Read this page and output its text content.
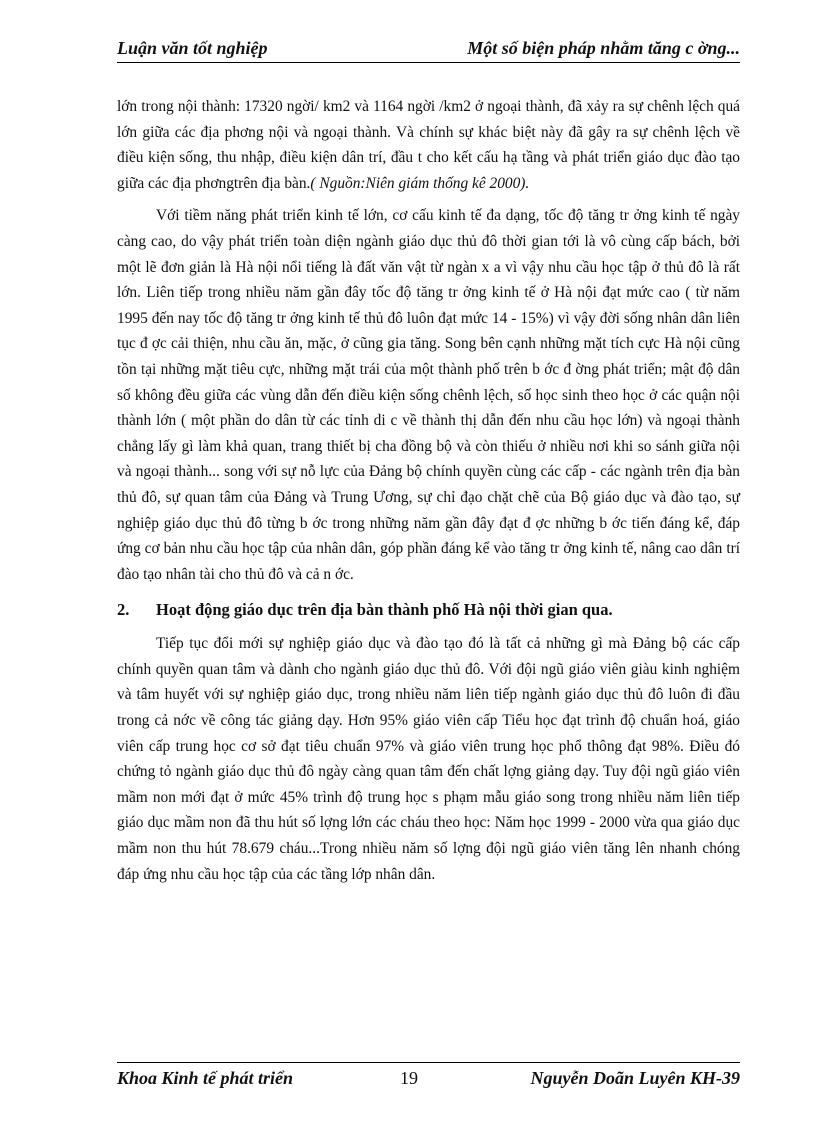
Luận văn tốt nghiệp	Một số biện pháp nhằm tăng c ờng...

lớn trong nội thành: 17320 ngời/ km2 và 1164 ngời /km2 ở ngoại thành, đã xảy ra sự chênh lệch quá lớn giữa các địa phơng nội và ngoại thành. Và chính sự khác biệt này đã gây ra sự chênh lệch về điều kiện sống, thu nhập, điều kiện dân trí, đầu t cho kết cấu hạ tầng và phát triển giáo dục đào tạo giữa các địa phơngtrên địa bàn.( Nguồn:Niên giám thống kê 2000).

Với tiềm năng phát triển kinh tế lớn, cơ cấu kinh tế đa dạng, tốc độ tăng tr ởng kinh tế ngày càng cao, do vậy phát triển toàn diện ngành giáo dục thủ đô thời gian tới là vô cùng cấp bách, bởi một lẽ đơn giản là Hà nội nổi tiếng là đất văn vật từ ngàn x a vì vậy nhu cầu học tập ở thủ đô là rất lớn. Liên tiếp trong nhiều năm gần đây tốc độ tăng tr ởng kinh tế ở Hà nội đạt mức cao ( từ năm 1995 đến nay tốc độ tăng tr ởng kinh tế thủ đô luôn đạt mức 14 - 15%) vì vậy đời sống nhân dân liên tục đ ợc cải thiện, nhu cầu ăn, mặc, ở cũng gia tăng. Song bên cạnh những mặt tích cực Hà nội cũng tồn tại những mặt tiêu cực, những mặt trái của một thành phố trên b ớc đ ờng phát triển; mật độ dân số không đều giữa các vùng dẫn đến điều kiện sống chênh lệch, số học sinh theo học ở các quận nội thành lớn ( một phần do dân từ các tỉnh di c về thành thị dẫn đến nhu cầu học lớn) và ngoại thành chẳng lấy gì làm khả quan, trang thiết bị cha đồng bộ và còn thiếu ở nhiều nơi khi so sánh giữa nội và ngoại thành... song với sự nỗ lực của Đảng bộ chính quyền cùng các cấp - các ngành trên địa bàn thủ đô, sự quan tâm của Đảng và Trung Ương, sự chỉ đạo chặt chẽ của Bộ giáo dục và đào tạo, sự nghiệp giáo dục thủ đô từng b ớc trong những năm gần đây đạt đ ợc những b ớc tiến đáng kể, đáp ứng cơ bản nhu cầu học tập của nhân dân, góp phần đáng kể vào tăng tr ởng kinh tế, nâng cao dân trí đào tạo nhân tài cho thủ đô và cả n ớc.

2. Hoạt động giáo dục trên địa bàn thành phố Hà nội thời gian qua.

Tiếp tục đổi mới sự nghiệp giáo dục và đào tạo đó là tất cả những gì mà Đảng bộ các cấp chính quyền quan tâm và dành cho ngành giáo dục thủ đô. Với đội ngũ giáo viên giàu kinh nghiệm và tâm huyết với sự nghiệp giáo dục, trong nhiều năm liên tiếp ngành giáo dục thủ đô luôn đi đầu trong cả nớc về công tác giảng dạy. Hơn 95% giáo viên cấp Tiểu học đạt trình độ chuẩn hoá, giáo viên cấp trung học cơ sở đạt tiêu chuẩn 97% và giáo viên trung học phổ thông đạt 98%. Điều đó chứng tỏ ngành giáo dục thủ đô ngày càng quan tâm đến chất lợng giảng dạy. Tuy đội ngũ giáo viên mầm non mới đạt ở mức 45% trình độ trung học s phạm mẫu giáo song trong nhiều năm liên tiếp giáo dục mầm non đã thu hút số lợng lớn các cháu theo học: Năm học 1999 - 2000 vừa qua giáo dục mầm non thu hút 78.679 cháu...Trong nhiều năm số lợng đội ngũ giáo viên tăng lên nhanh chóng đáp ứng nhu cầu học tập của các tầng lớp nhân dân.

Khoa Kinh tế phát triển	19	Nguyễn Doãn Luyên KH-39
